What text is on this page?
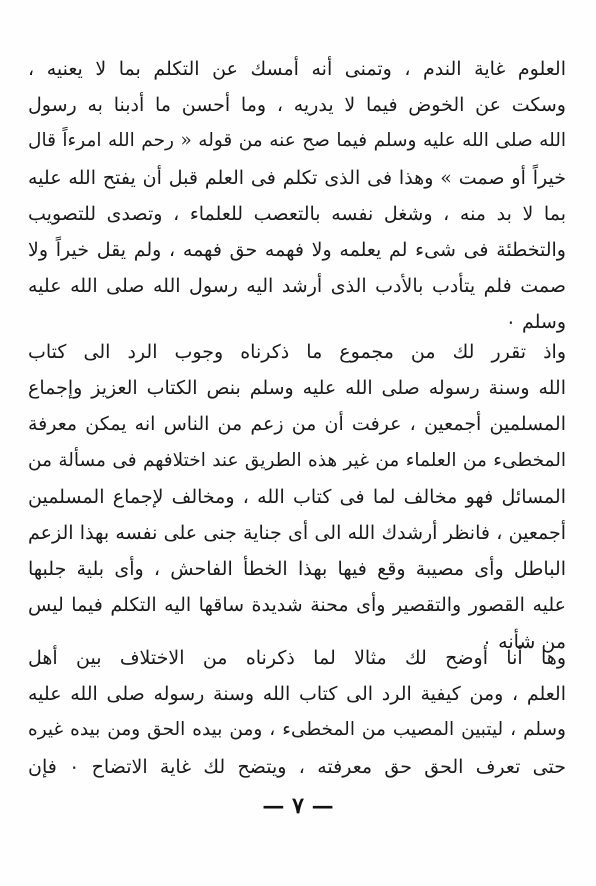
العلوم غاية الندم ، وتمنى أنه أمسك عن التكلم بما لا يعنيه ،
وسكت عن الخوض فيما لا يدريه ، وما أحسن ما أدبنا به رسول
الله صلى الله عليه وسلم فيما صح عنه من قوله « رحم الله امرءاً قال
خيراً أو صمت » وهذا فى الذى تكلم فى العلم قبل أن يفتح الله عليه
بما لا بد منه ، وشغل نفسه بالتعصب للعلماء ، وتصدى للتصويب
والتخطئة فى شىء لم يعلمه ولا فهمه حق فهمه ، ولم يقل خيراً ولا
صمت فلم يتأدب بالأدب الذى أرشد اليه رسول الله صلى الله عليه
وسلم ٠
واذ تقرر لك من مجموع ما ذكرناه وجوب الرد الى كتاب
الله وسنة رسوله صلى الله عليه وسلم بنص الكتاب العزيز وإجماع
المسلمين أجمعين ، عرفت أن من زعم من الناس انه يمكن معرفة
المخطىء من العلماء من غير هذه الطريق عند اختلافهم فى مسألة من
المسائل فهو مخالف لما فى كتاب الله ، ومخالف لإجماع المسلمين
أجمعين ، فانظر أرشدك الله الى أى جناية جنى على نفسه بهذا الزعم
الباطل وأى مصيبة وقع فيها بهذا الخطأ الفاحش ، وأى بلية جلبها
عليه القصور والتقصير وأى محنة شديدة ساقها اليه التكلم فيما ليس
من شأنه ٠
وها أنا أوضح لك مثالا لما ذكرناه من الاختلاف بين أهل
العلم ، ومن كيفية الرد الى كتاب الله وسنة رسوله صلى الله عليه
وسلم ، ليتبين المصيب من المخطىء ، ومن بيده الحق ومن بيده غيره
حتى تعرف الحق حق معرفته ، ويتضح لك غاية الاتضاح ٠ فإن
— ٧ —
